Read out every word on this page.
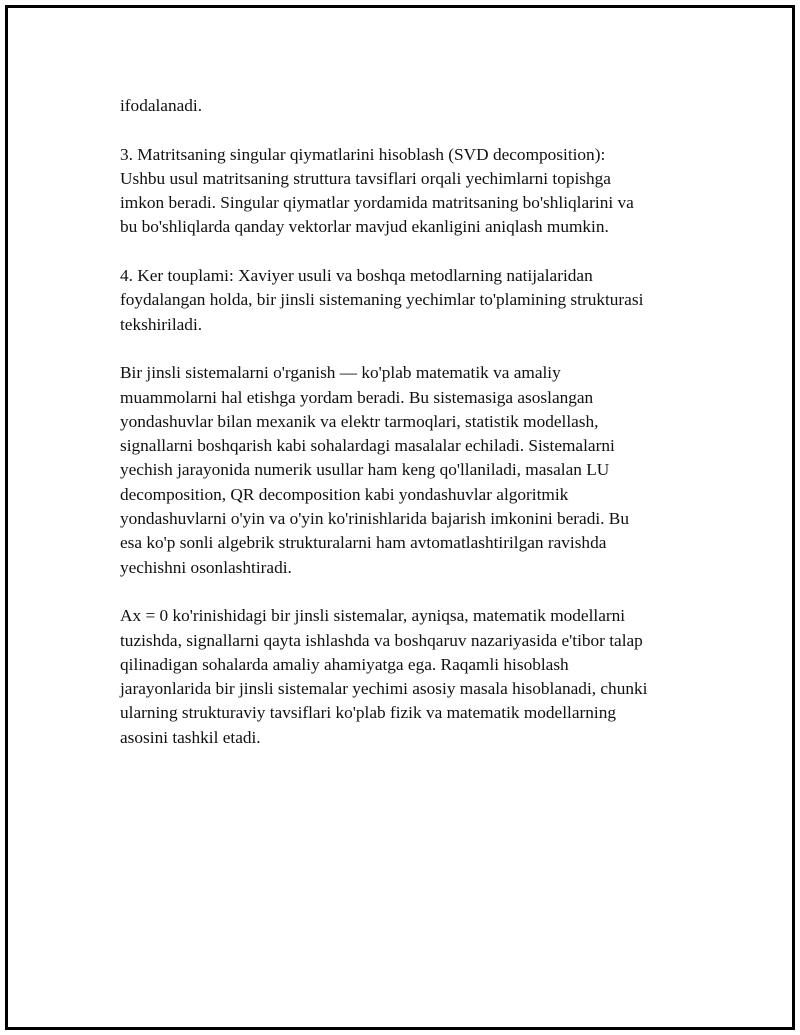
ifodalanadi.

3. Matritsaning singular qiymatlarini hisoblash (SVD decomposition):
Ushbu usul matritsaning struttura tavsiflari orqali yechimlarni topishga
imkon beradi. Singular qiymatlar yordamida matritsaning bo'shliqlarini va
bu bo'shliqlarda qanday vektorlar mavjud ekanligini aniqlash mumkin.

4. Ker touplami: Xaviyer usuli va boshqa metodlarning natijalaridan
foydalangan holda, bir jinsli sistemaning yechimlar to'plamining strukturasi
tekshiriladi.

Bir jinsli sistemalarni o'rganish — ko'plab matematik va amaliy
muammolarni hal etishga yordam beradi. Bu sistemasiga asoslangan
yondashuvlar bilan mexanik va elektr tarmoqlari, statistik modellash,
signallarni boshqarish kabi sohalardagi masalalar echiladi. Sistemalarni
yechish jarayonida numerik usullar ham keng qo'llaniladi, masalan LU
decomposition, QR decomposition kabi yondashuvlar algoritmik
yondashuvlarni o'yin va o'yin ko'rinishlarida bajarish imkonini beradi. Bu
esa ko'p sonli algebrik strukturalarni ham avtomatlashtirilgan ravishda
yechishni osonlashtiradi.

Ax = 0 ko'rinishidagi bir jinsli sistemalar, ayniqsa, matematik modellarni
tuzishda, signallarni qayta ishlashda va boshqaruv nazariyasida e'tibor talap
qilinadigan sohalarda amaliy ahamiyatga ega. Raqamli hisoblash
jarayonlarida bir jinsli sistemalar yechimi asosiy masala hisoblanadi, chunki
ularning strukturaviy tavsiflari ko'plab fizik va matematik modellarning
asosini tashkil etadi.
